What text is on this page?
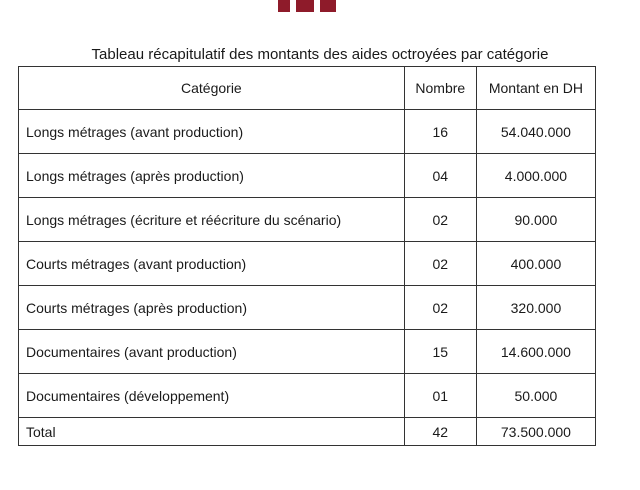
Tableau récapitulatif des montants des aides octroyées par catégorie
Catégorie	Nombre	Montant en DH
Longs métrages (avant production)	16	54.040.000
Longs métrages (après production)	04	4.000.000
Longs métrages (écriture et réécriture du scénario)	02	90.000
Courts métrages (avant production)	02	400.000
Courts métrages (après production)	02	320.000
Documentaires (avant production)	15	14.600.000
Documentaires (développement)	01	50.000
Total	42	73.500.000
